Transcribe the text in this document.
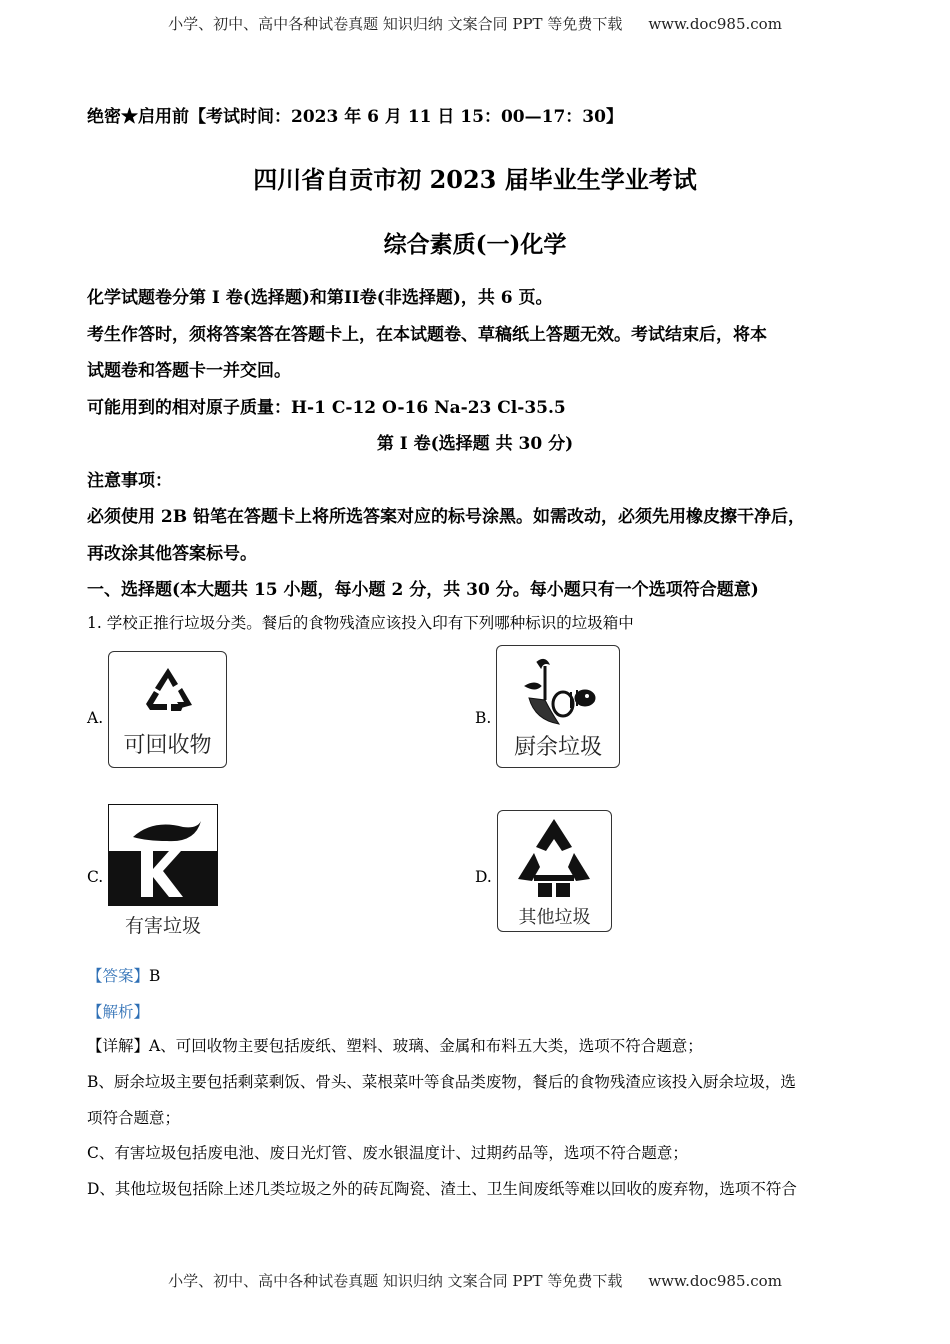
小学、初中、高中各种试卷真题 知识归纳 文案合同 PPT 等免费下载 www.doc985.com
绝密★启用前【考试时间：2023 年 6 月 11 日 15：00—17：30】
四川省自贡市初 2023 届毕业生学业考试
综合素质(一)化学
化学试题卷分第 I 卷(选择题)和第II卷(非选择题)，共 6 页。
考生作答时，须将答案答在答题卡上，在本试题卷、草稿纸上答题无效。考试结束后，将本
试题卷和答题卡一并交回。
可能用到的相对原子质量：H-1 C-12 O-16 Na-23 Cl-35.5
第 I 卷(选择题 共 30 分)
注意事项：
必须使用 2B 铅笔在答题卡上将所选答案对应的标号涂黑。如需改动，必须先用橡皮擦干净后，
再改涂其他答案标号。
一、选择题(本大题共 15 小题，每小题 2 分，共 30 分。每小题只有一个选项符合题意)
1. 学校正推行垃圾分类。餐后的食物残渣应该投入印有下列哪种标识的垃圾箱中
A.
可回收物
B.
厨余垃圾
C.
有害垃圾
D.
其他垃圾
【答案】B
【解析】
【详解】A、可回收物主要包括废纸、塑料、玻璃、金属和布料五大类，选项不符合题意；
B、厨余垃圾主要包括剩菜剩饭、骨头、菜根菜叶等食品类废物，餐后的食物残渣应该投入厨余垃圾，选
项符合题意；
C、有害垃圾包括废电池、废日光灯管、废水银温度计、过期药品等，选项不符合题意；
D、其他垃圾包括除上述几类垃圾之外的砖瓦陶瓷、渣土、卫生间废纸等难以回收的废弃物，选项不符合
小学、初中、高中各种试卷真题 知识归纳 文案合同 PPT 等免费下载 www.doc985.com
